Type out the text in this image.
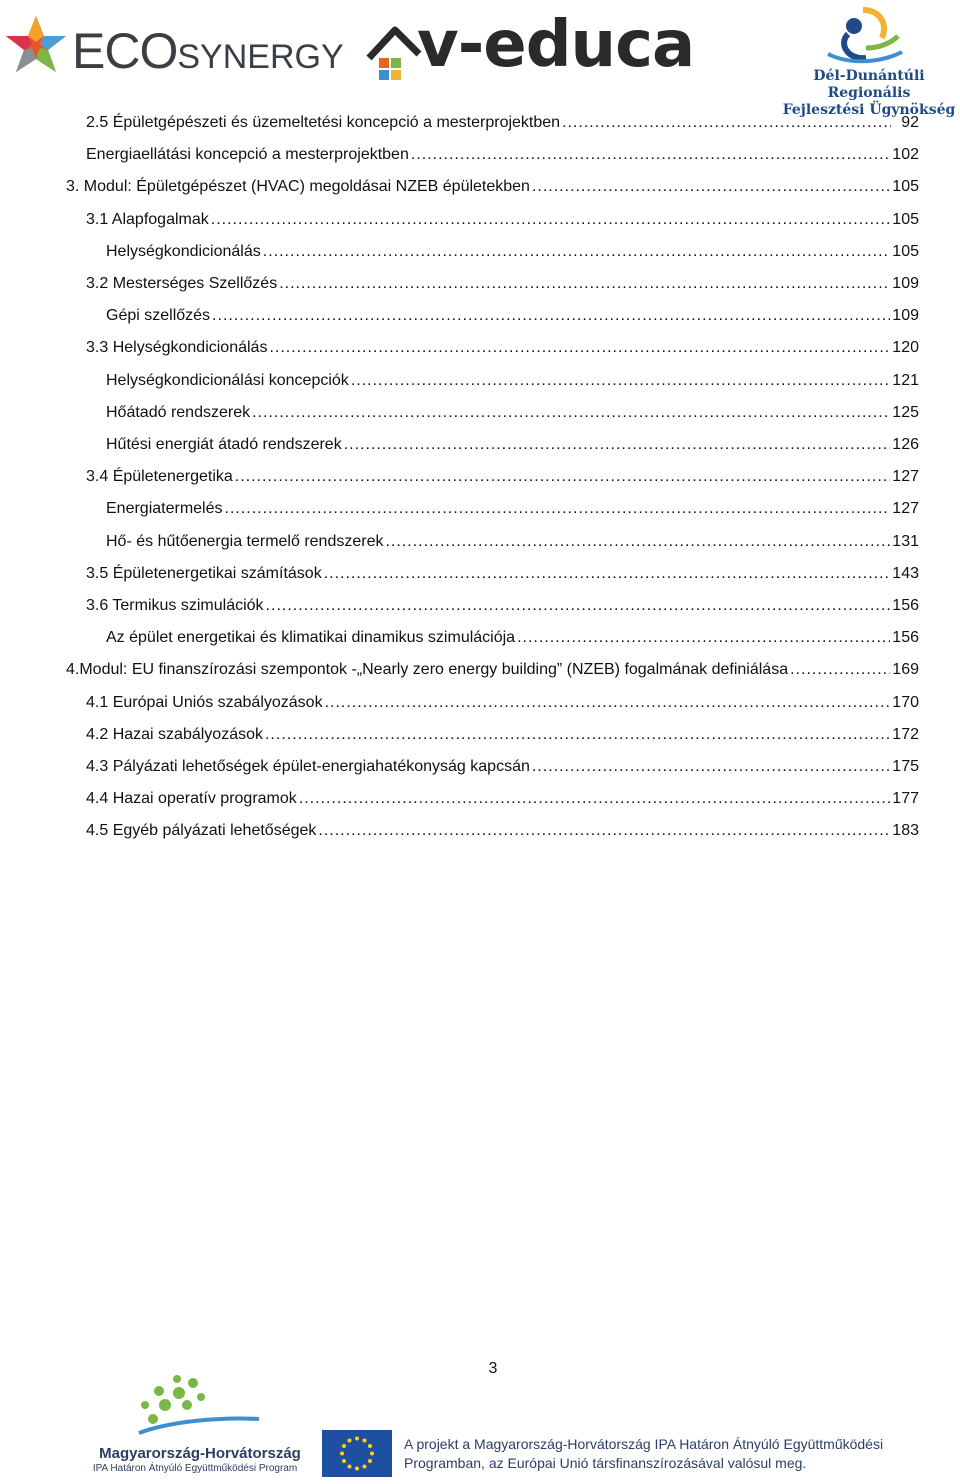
ECOSYNERGY v-educa	Dél-Dunántúli Regionális
Fejlesztési Ügynökség
2.5 Épületgépészeti és üzemeltetési koncepció a mesterprojektben .....	92
Energiaellátási koncepció a mesterprojektben .....	102
3. Modul: Épületgépészet (HVAC) megoldásai NZEB épületekben .....	105
3.1 Alapfogalmak .....	105
Helységkondicionálás .....	105
3.2 Mesterséges Szellőzés .....	109
Gépi szellőzés .....	109
3.3 Helységkondicionálás .....	120
Helységkondicionálási koncepciók .....	121
Hőátadó rendszerek .....	125
Hűtési energiát átadó rendszerek .....	126
3.4 Épületenergetika .....	127
Energiatermelés .....	127
Hő- és hűtőenergia termelő rendszerek .....	131
3.5 Épületenergetikai számítások .....	143
3.6 Termikus szimulációk .....	156
Az épület energetikai és klimatikai dinamikus szimulációja .....	156
4.Modul: EU finanszírozási szempontok -„Nearly zero energy building” (NZEB) fogalmának definiálása .....	169
4.1 Európai Uniós szabályozások .....	170
4.2 Hazai szabályozások .....	172
4.3 Pályázati lehetőségek épület-energiahatékonyság kapcsán .....	175
4.4 Hazai operatív programok .....	177
4.5 Egyéb pályázati lehetőségek .....	183
3
Magyarország-Horvátország
IPA Határon Átnyúló Együttműködési Program
A projekt a Magyarország-Horvátország IPA Határon Átnyúló Együttműködési
Programban, az Európai Unió társfinanszírozásával valósul meg.
